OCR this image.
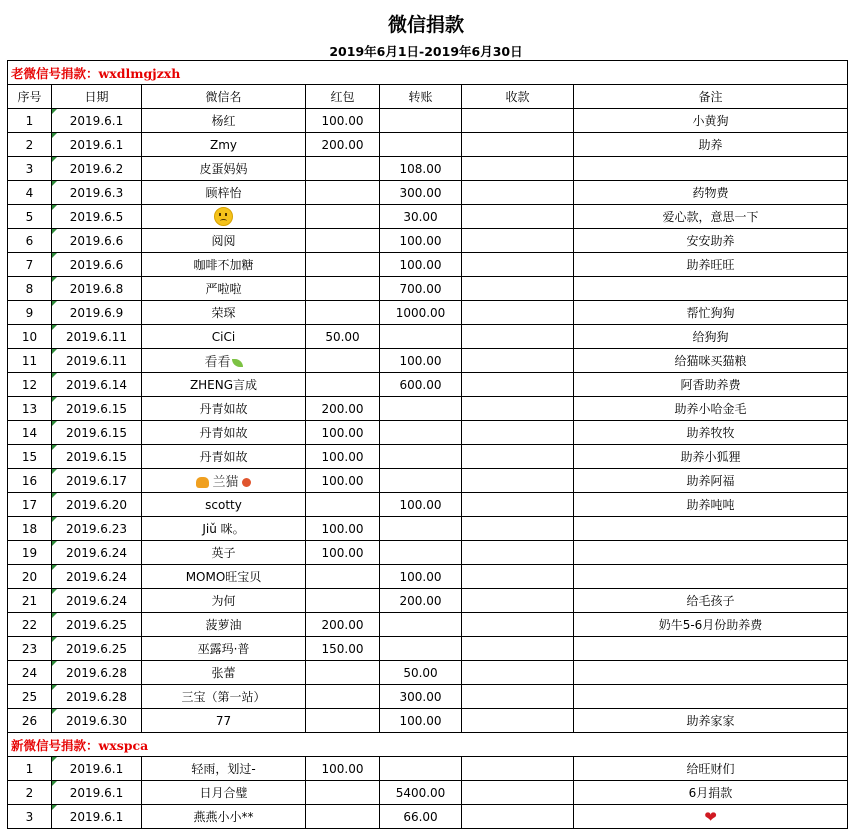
微信捐款
2019年6月1日-2019年6月30日
老微信号捐款：wxdlmgjzxh						
序号	日期	微信名	红包	转账	收款	备注
1	2019.6.1	杨红	100.00			小黄狗
2	2019.6.1	Zmy	200.00			助养
3	2019.6.2	皮蛋妈妈		108.00		
4	2019.6.3	顾梓怡		300.00		药物费
5	2019.6.5			30.00		爱心款，意思一下
6	2019.6.6	阅阅		100.00		安安助养
7	2019.6.6	咖啡不加糖		100.00		助养旺旺
8	2019.6.8	严啦啦		700.00		
9	2019.6.9	荣琛		1000.00		帮忙狗狗
10	2019.6.11	CiCi	50.00			给狗狗
11	2019.6.11	看看		100.00		给猫咪买猫粮
12	2019.6.14	ZHENG言成		600.00		阿香助养费
13	2019.6.15	丹青如故	200.00			助养小哈金毛
14	2019.6.15	丹青如故	100.00			助养牧牧
15	2019.6.15	丹青如故	100.00			助养小狐狸
16	2019.6.17	兰猫	100.00			助养阿福
17	2019.6.20	scotty		100.00		助养吨吨
18	2019.6.23	Jiǔ 咪。	100.00			
19	2019.6.24	英子	100.00			
20	2019.6.24	MOMO旺宝贝		100.00		
21	2019.6.24	为何		200.00		给毛孩子
22	2019.6.25	菠萝油	200.00			奶牛5-6月份助养费
23	2019.6.25	巫露玛·普	150.00			
24	2019.6.28	张蕾		50.00		
25	2019.6.28	三宝（第一站）		300.00		
26	2019.6.30	77		100.00		助养家家
新微信号捐款：wxspca						
1	2019.6.1	轻雨，划过-	100.00			给旺财们
2	2019.6.1	日月合璧		5400.00		6月捐款
3	2019.6.1	燕燕小小**		66.00		❤
